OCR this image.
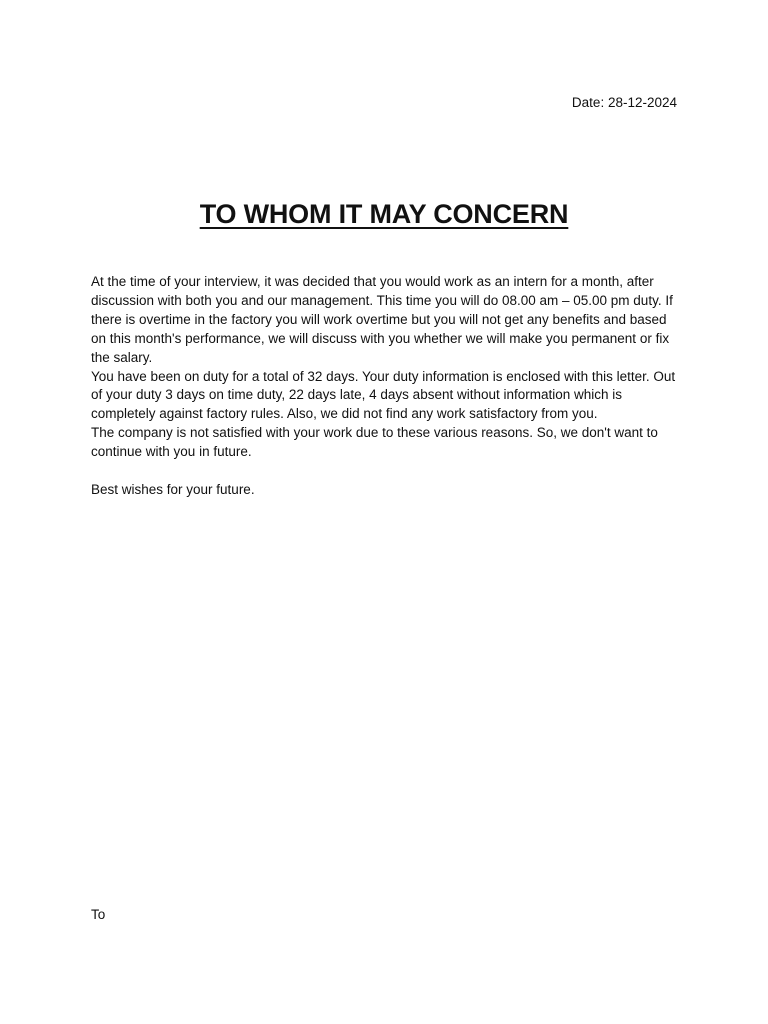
Date: 28-12-2024
TO WHOM IT MAY CONCERN

At the time of your interview, it was decided that you would work as an intern for a month, after discussion with both you and our management. This time you will do 08.00 am – 05.00 pm duty. If there is overtime in the factory you will work overtime but you will not get any benefits and based on this month's performance, we will discuss with you whether we will make you permanent or fix the salary.

You have been on duty for a total of 32 days. Your duty information is enclosed with this letter. Out of your duty 3 days on time duty, 22 days late, 4 days absent without information which is completely against factory rules. Also, we did not find any work satisfactory from you.

The company is not satisfied with your work due to these various reasons. So, we don't want to continue with you in future.

Best wishes for your future.

To
